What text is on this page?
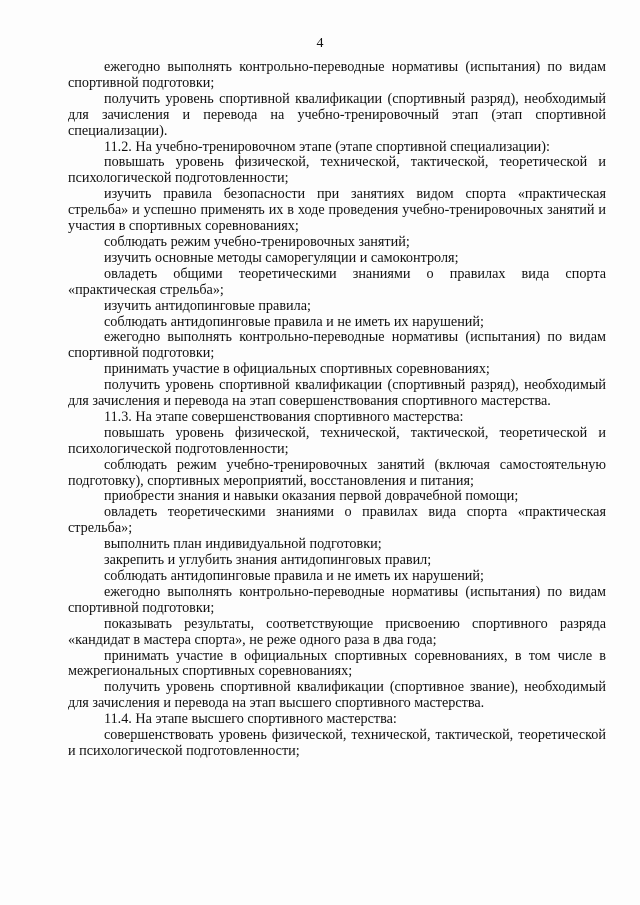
4

ежегодно выполнять контрольно-переводные нормативы (испытания) по видам спортивной подготовки;

получить уровень спортивной квалификации (спортивный разряд), необходимый для зачисления и перевода на учебно-тренировочный этап (этап спортивной специализации).

11.2. На учебно-тренировочном этапе (этапе спортивной специализации):

повышать уровень физической, технической, тактической, теоретической и психологической подготовленности;

изучить правила безопасности при занятиях видом спорта «практическая стрельба» и успешно применять их в ходе проведения учебно-тренировочных занятий и участия в спортивных соревнованиях;

соблюдать режим учебно-тренировочных занятий;

изучить основные методы саморегуляции и самоконтроля;

овладеть общими теоретическими знаниями о правилах вида спорта «практическая стрельба»;

изучить антидопинговые правила;

соблюдать антидопинговые правила и не иметь их нарушений;

ежегодно выполнять контрольно-переводные нормативы (испытания) по видам спортивной подготовки;

принимать участие в официальных спортивных соревнованиях;

получить уровень спортивной квалификации (спортивный разряд), необходимый для зачисления и перевода на этап совершенствования спортивного мастерства.

11.3. На этапе совершенствования спортивного мастерства:

повышать уровень физической, технической, тактической, теоретической и психологической подготовленности;

соблюдать режим учебно-тренировочных занятий (включая самостоятельную подготовку), спортивных мероприятий, восстановления и питания;

приобрести знания и навыки оказания первой доврачебной помощи;

овладеть теоретическими знаниями о правилах вида спорта «практическая стрельба»;

выполнить план индивидуальной подготовки;

закрепить и углубить знания антидопинговых правил;

соблюдать антидопинговые правила и не иметь их нарушений;

ежегодно выполнять контрольно-переводные нормативы (испытания) по видам спортивной подготовки;

показывать результаты, соответствующие присвоению спортивного разряда «кандидат в мастера спорта», не реже одного раза в два года;

принимать участие в официальных спортивных соревнованиях, в том числе в межрегиональных спортивных соревнованиях;

получить уровень спортивной квалификации (спортивное звание), необходимый для зачисления и перевода на этап высшего спортивного мастерства.

11.4. На этапе высшего спортивного мастерства:

совершенствовать уровень физической, технической, тактической, теоретической и психологической подготовленности;
